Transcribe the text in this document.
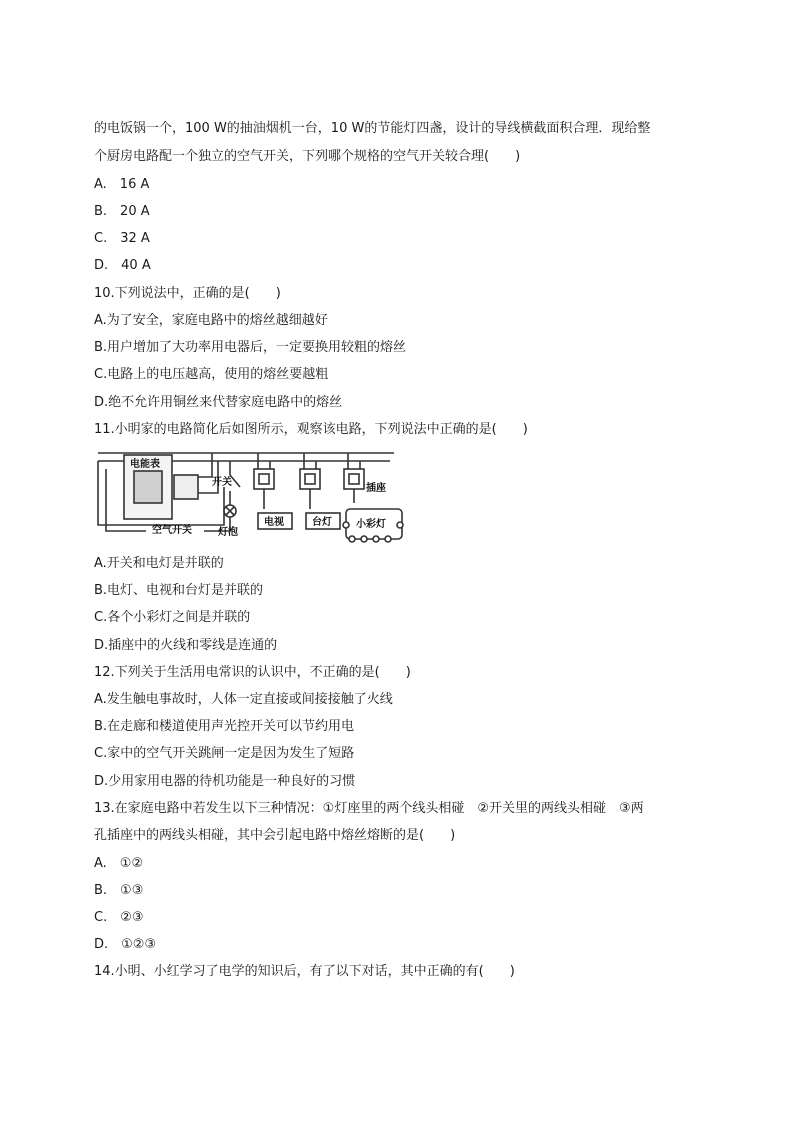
的电饭锅一个，100 W的抽油烟机一台，10 W的节能灯四盏，设计的导线横截面积合理．现给整
个厨房电路配一个独立的空气开关，下列哪个规格的空气开关较合理(　　)
A.　16 A
B.　20 A
C.　32 A
D.　40 A
10.下列说法中，正确的是(　　)
A.为了安全，家庭电路中的熔丝越细越好
B.用户增加了大功率用电器后，一定要换用较粗的熔丝
C.电路上的电压越高，使用的熔丝要越粗
D.绝不允许用铜丝来代替家庭电路中的熔丝
11.小明家的电路简化后如图所示，观察该电路，下列说法中正确的是(　　)
电能表
开关
灯泡
空气开关
插座
电视	台灯 小彩灯
A.开关和电灯是并联的
B.电灯、电视和台灯是并联的
C.各个小彩灯之间是并联的
D.插座中的火线和零线是连通的
12.下列关于生活用电常识的认识中，不正确的是(　　)
A.发生触电事故时，人体一定直接或间接接触了火线
B.在走廊和楼道使用声光控开关可以节约用电
C.家中的空气开关跳闸一定是因为发生了短路
D.少用家用电器的待机功能是一种良好的习惯
13.在家庭电路中若发生以下三种情况：①灯座里的两个线头相碰　②开关里的两线头相碰　③两
孔插座中的两线头相碰，其中会引起电路中熔丝熔断的是(　　)
A.　①②
B.　①③
C.　②③
D.　①②③
14.小明、小红学习了电学的知识后，有了以下对话，其中正确的有(　　)
